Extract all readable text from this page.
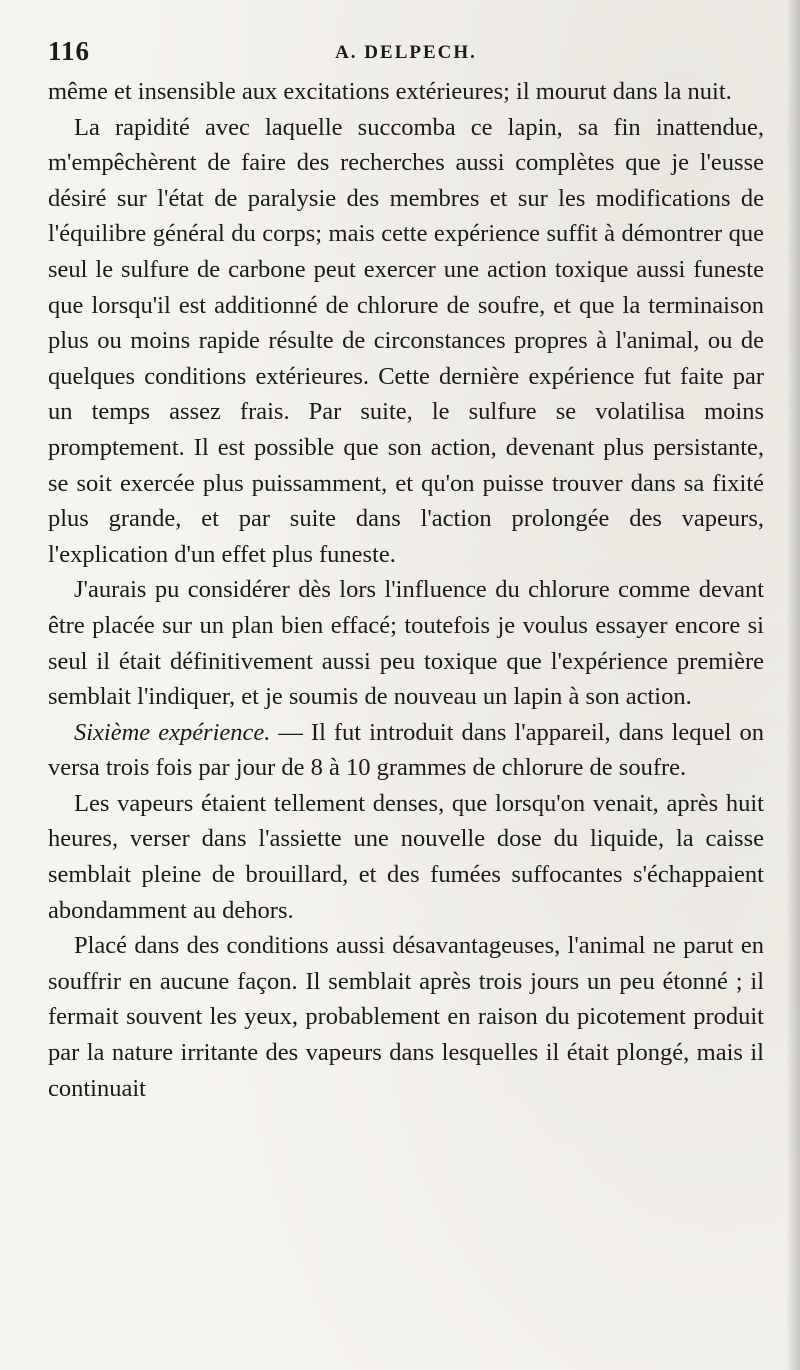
116	A. DELPECH.

même et insensible aux excitations extérieures; il mourut dans la nuit.

La rapidité avec laquelle succomba ce lapin, sa fin inattendue, m'empêchèrent de faire des recherches aussi complètes que je l'eusse désiré sur l'état de paralysie des membres et sur les modifications de l'équilibre général du corps; mais cette expérience suffit à démontrer que seul le sulfure de carbone peut exercer une action toxique aussi funeste que lorsqu'il est additionné de chlorure de soufre, et que la terminaison plus ou moins rapide résulte de circonstances propres à l'animal, ou de quelques conditions extérieures. Cette dernière expérience fut faite par un temps assez frais. Par suite, le sulfure se volatilisa moins promptement. Il est possible que son action, devenant plus persistante, se soit exercée plus puissamment, et qu'on puisse trouver dans sa fixité plus grande, et par suite dans l'action prolongée des vapeurs, l'explication d'un effet plus funeste.

J'aurais pu considérer dès lors l'influence du chlorure comme devant être placée sur un plan bien effacé; toutefois je voulus essayer encore si seul il était définitivement aussi peu toxique que l'expérience première semblait l'indiquer, et je soumis de nouveau un lapin à son action.

Sixième expérience. — Il fut introduit dans l'appareil, dans lequel on versa trois fois par jour de 8 à 10 grammes de chlorure de soufre.

Les vapeurs étaient tellement denses, que lorsqu'on venait, après huit heures, verser dans l'assiette une nouvelle dose du liquide, la caisse semblait pleine de brouillard, et des fumées suffocantes s'échappaient abondamment au dehors.

Placé dans des conditions aussi désavantageuses, l'animal ne parut en souffrir en aucune façon. Il semblait après trois jours un peu étonné ; il fermait souvent les yeux, probablement en raison du picotement produit par la nature irritante des vapeurs dans lesquelles il était plongé, mais il continuait
